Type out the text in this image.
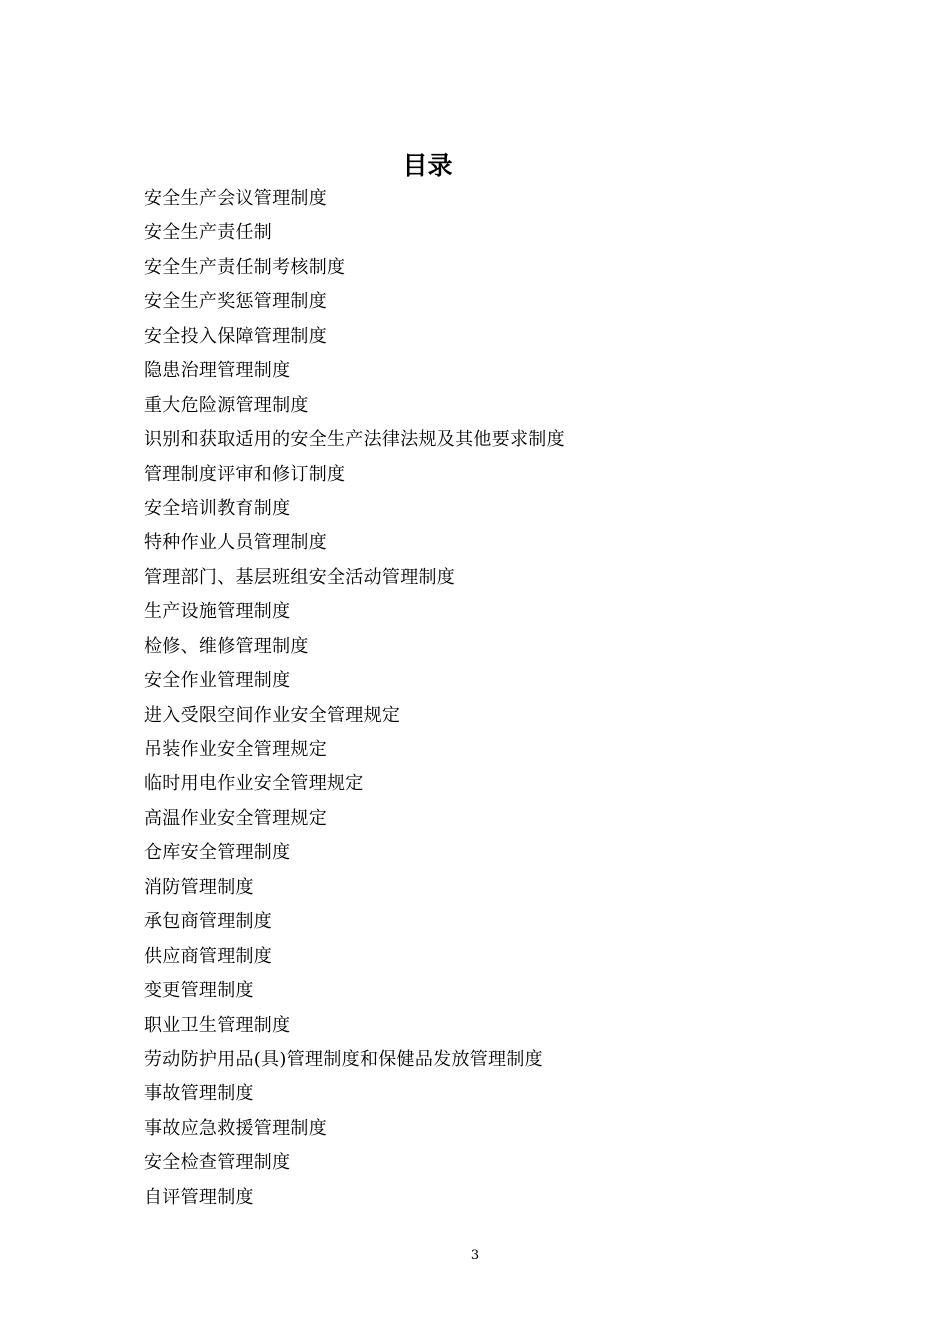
目录
安全生产会议管理制度
安全生产责任制
安全生产责任制考核制度
安全生产奖惩管理制度
安全投入保障管理制度
隐患治理管理制度
重大危险源管理制度
识别和获取适用的安全生产法律法规及其他要求制度
管理制度评审和修订制度
安全培训教育制度
特种作业人员管理制度
管理部门、基层班组安全活动管理制度
生产设施管理制度
检修、维修管理制度
安全作业管理制度
进入受限空间作业安全管理规定
吊装作业安全管理规定
临时用电作业安全管理规定
高温作业安全管理规定
仓库安全管理制度
消防管理制度
承包商管理制度
供应商管理制度
变更管理制度
职业卫生管理制度
劳动防护用品(具)管理制度和保健品发放管理制度
事故管理制度
事故应急救援管理制度
安全检查管理制度
自评管理制度
3
